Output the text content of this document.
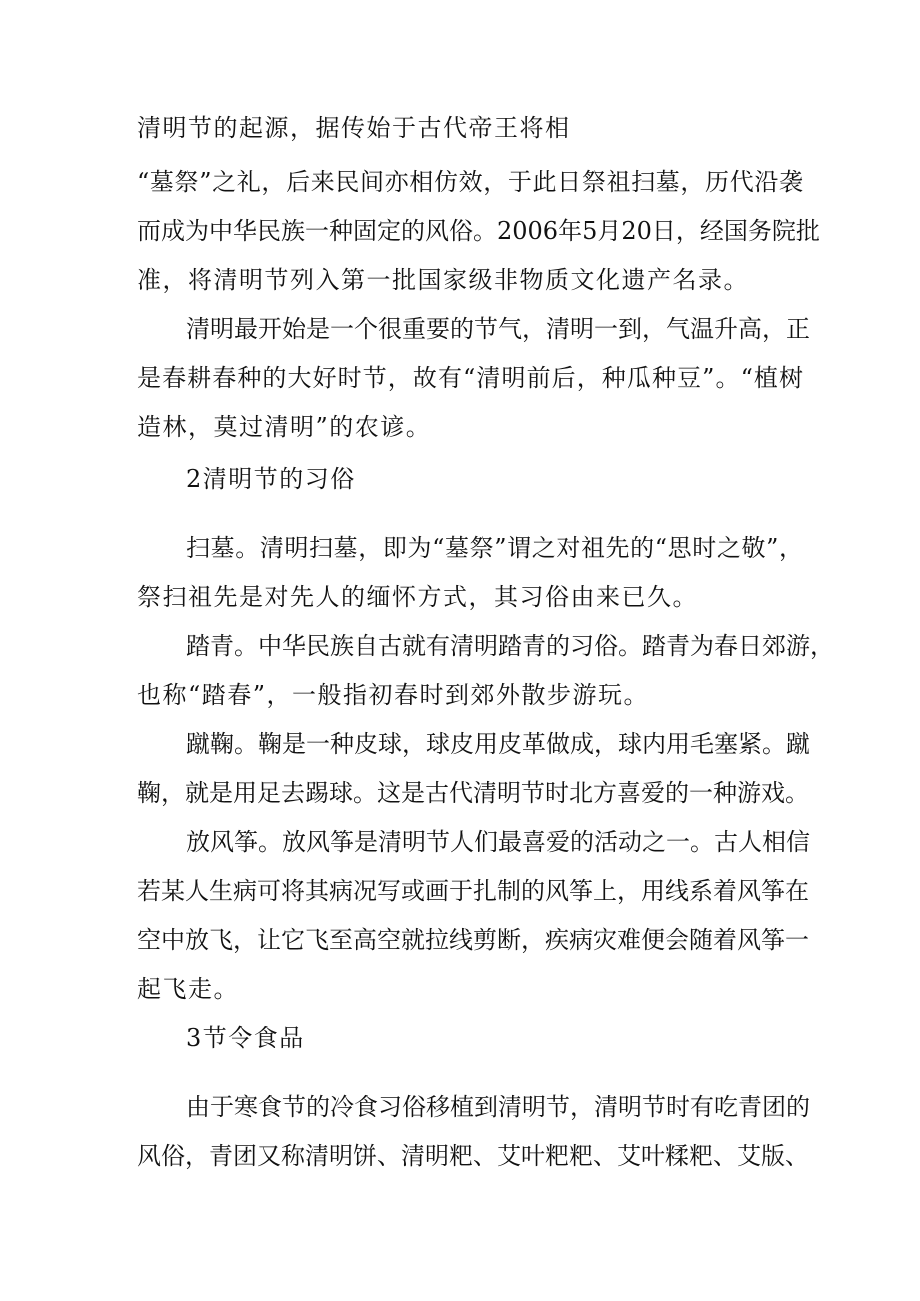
清明节的起源，据传始于古代帝王将相
“墓祭”之礼，后来民间亦相仿效，于此日祭祖扫墓，历代沿袭
而成为中华民族一种固定的风俗。2006年5月20日，经国务院批
准，将清明节列入第一批国家级非物质文化遗产名录。
清明最开始是一个很重要的节气，清明一到，气温升高，正
是春耕春种的大好时节，故有“清明前后，种瓜种豆”。“植树
造林，莫过清明”的农谚。
2清明节的习俗
扫墓。清明扫墓，即为“墓祭”谓之对祖先的“思时之敬”，
祭扫祖先是对先人的缅怀方式，其习俗由来已久。
踏青。中华民族自古就有清明踏青的习俗。踏青为春日郊游，
也称“踏春”，一般指初春时到郊外散步游玩。
蹴鞠。鞠是一种皮球，球皮用皮革做成，球内用毛塞紧。蹴
鞠，就是用足去踢球。这是古代清明节时北方喜爱的一种游戏。
放风筝。放风筝是清明节人们最喜爱的活动之一。古人相信
若某人生病可将其病况写或画于扎制的风筝上，用线系着风筝在
空中放飞，让它飞至高空就拉线剪断，疾病灾难便会随着风筝一
起飞走。
3节令食品
由于寒食节的冷食习俗移植到清明节，清明节时有吃青团的
风俗，青团又称清明饼、清明粑、艾叶粑粑、艾叶糅粑、艾版、
